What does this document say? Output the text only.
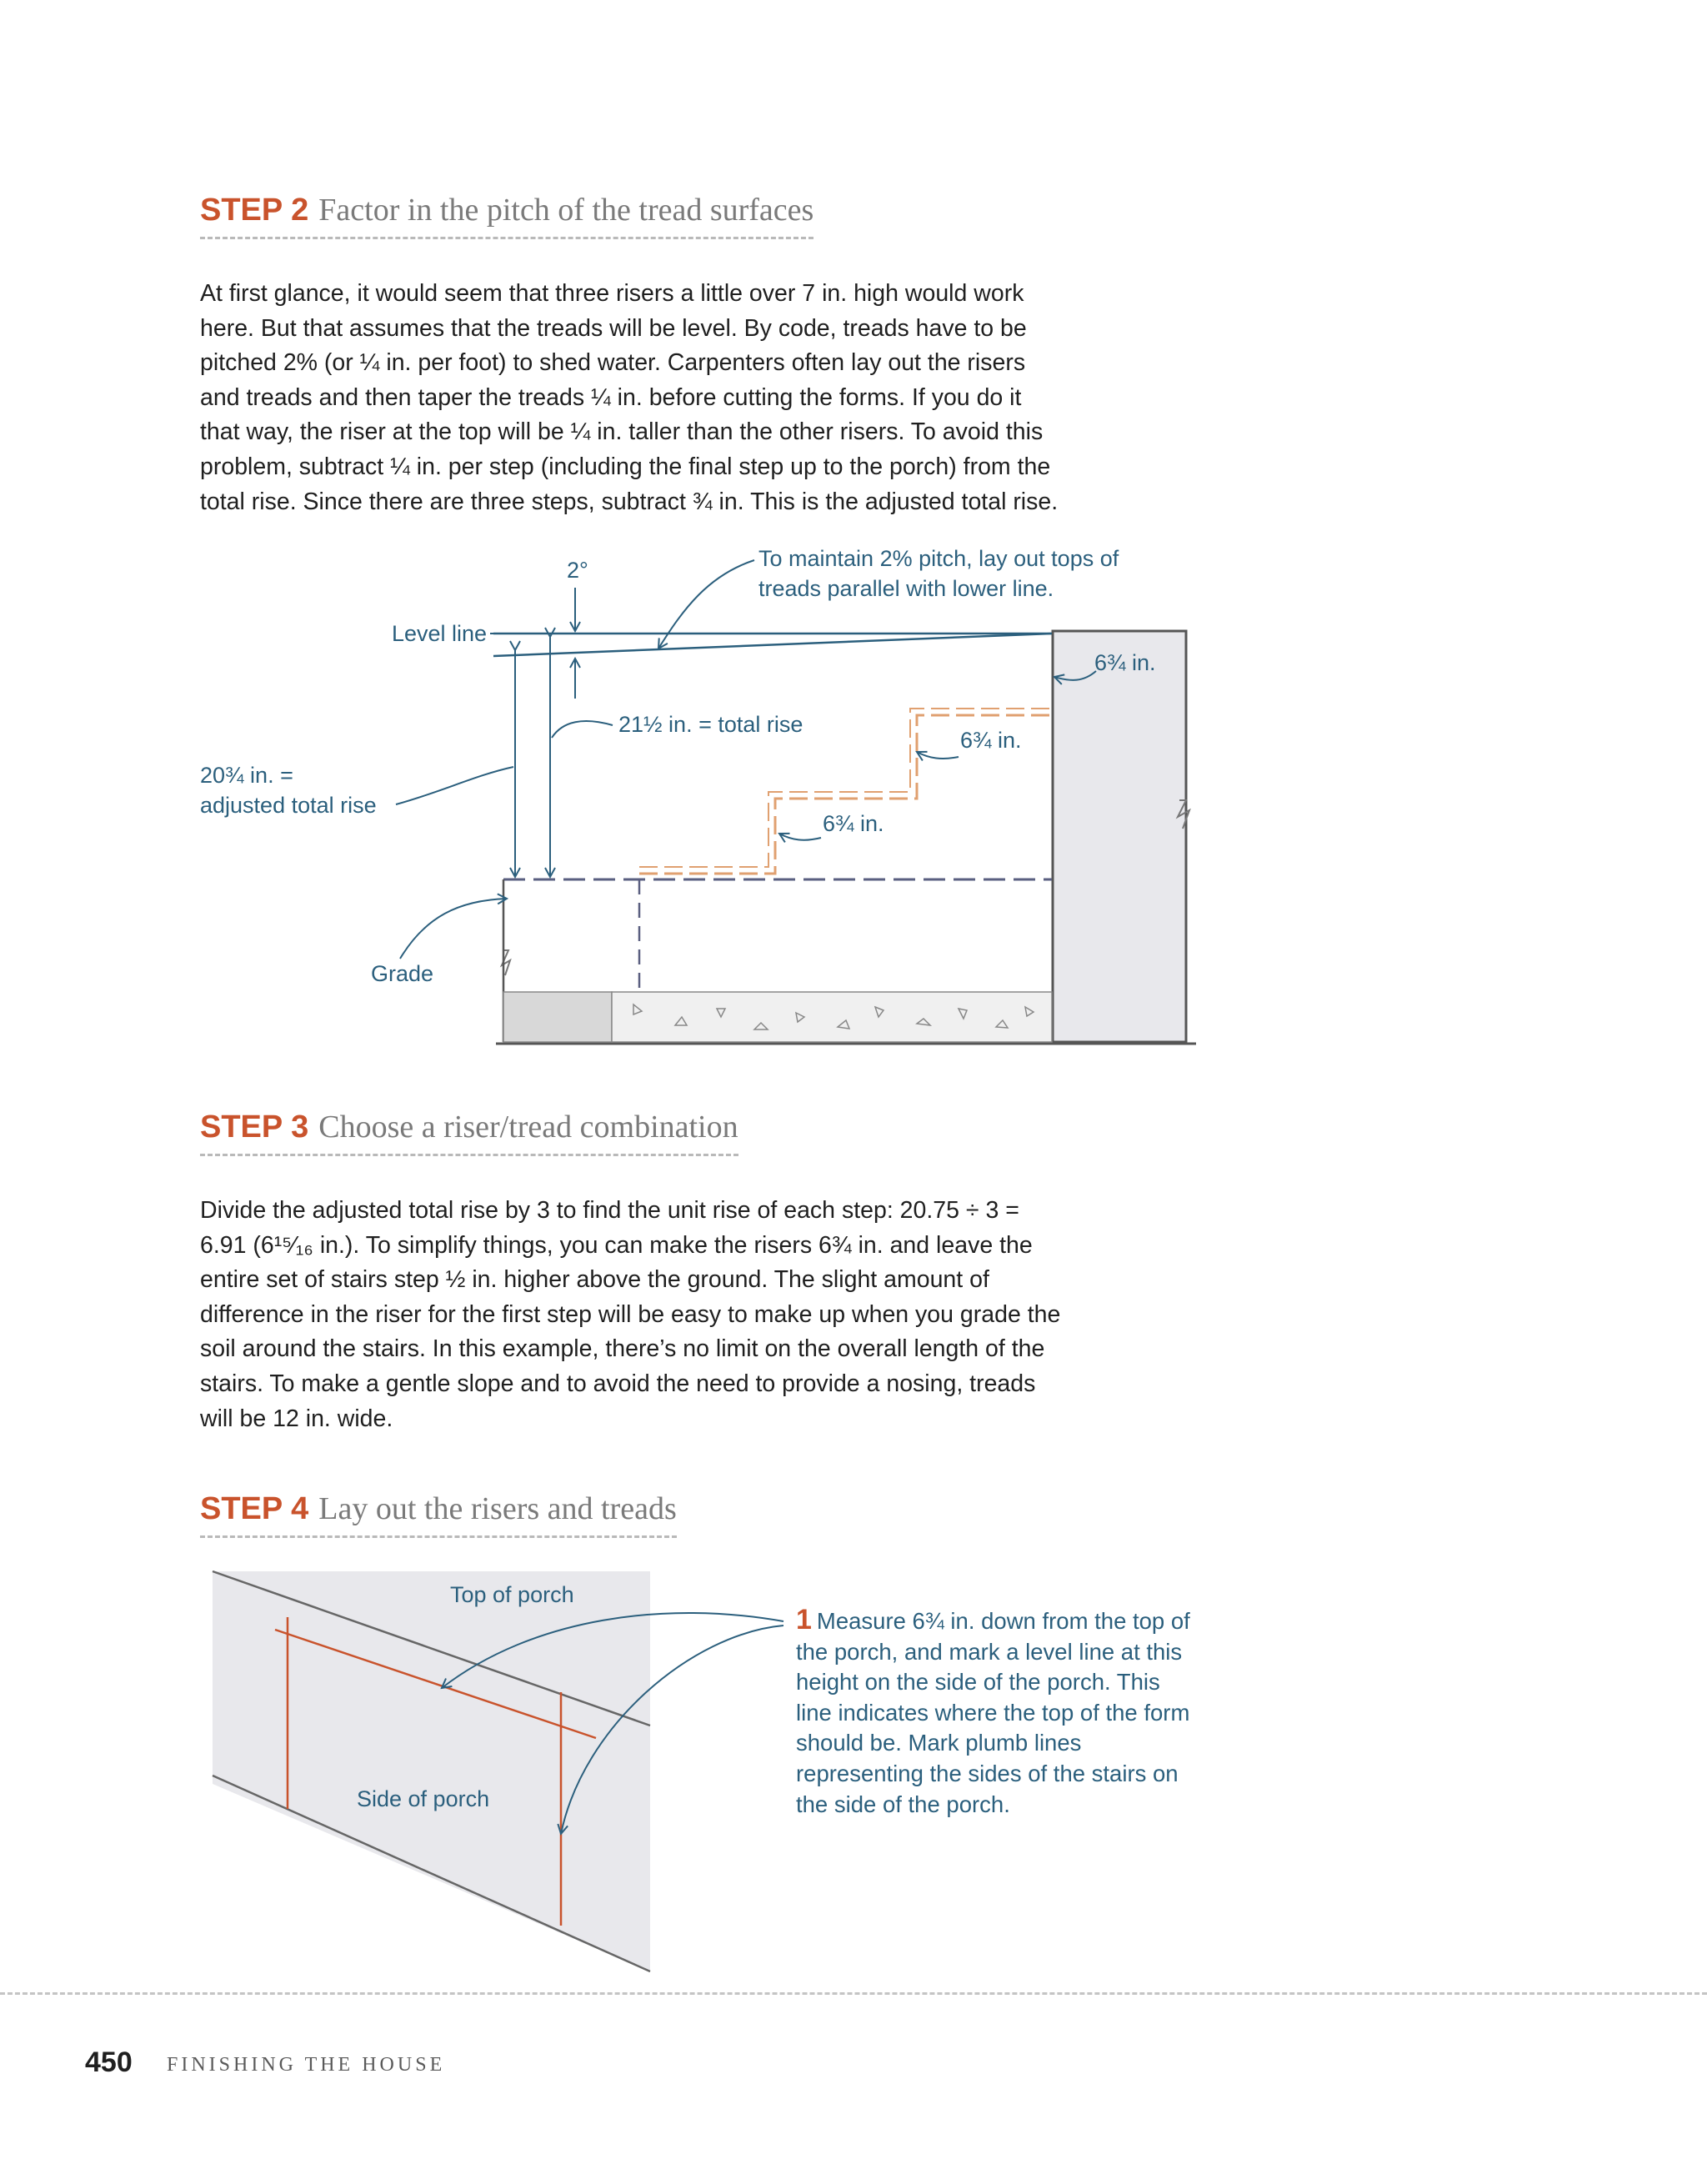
STEP 2 Factor in the pitch of the tread surfaces
At first glance, it would seem that three risers a little over 7 in. high would work here. But that assumes that the treads will be level. By code, treads have to be pitched 2% (or ¼ in. per foot) to shed water. Carpenters often lay out the risers and treads and then taper the treads ¼ in. before cutting the forms. If you do it that way, the riser at the top will be ¼ in. taller than the other risers. To avoid this problem, subtract ¼ in. per step (including the final step up to the porch) from the total rise. Since there are three steps, subtract ¾ in. This is the adjusted total rise.
2°	To maintain 2% pitch, lay out tops of
treads parallel with lower line.
Level line
6¾ in.
21½ in. = total rise
6¾ in.
20¾ in. =
adjusted total rise
6¾ in.
Grade
STEP 3 Choose a riser/tread combination
Divide the adjusted total rise by 3 to find the unit rise of each step: 20.75 ÷ 3 = 6.91 (6¹⁵⁄₁₆ in.). To simplify things, you can make the risers 6¾ in. and leave the entire set of stairs step ½ in. higher above the ground. The slight amount of difference in the riser for the first step will be easy to make up when you grade the soil around the stairs. In this example, there’s no limit on the overall length of the stairs. To make a gentle slope and to avoid the need to provide a nosing, treads will be 12 in. wide.
STEP 4 Lay out the risers and treads
Top of porch
Side of porch
1 Measure 6¾ in. down from the top of the porch, and mark a level line at this height on the side of the porch. This line indicates where the top of the form should be. Mark plumb lines representing the sides of the stairs on the side of the porch.
450 FINISHING THE HOUSE
